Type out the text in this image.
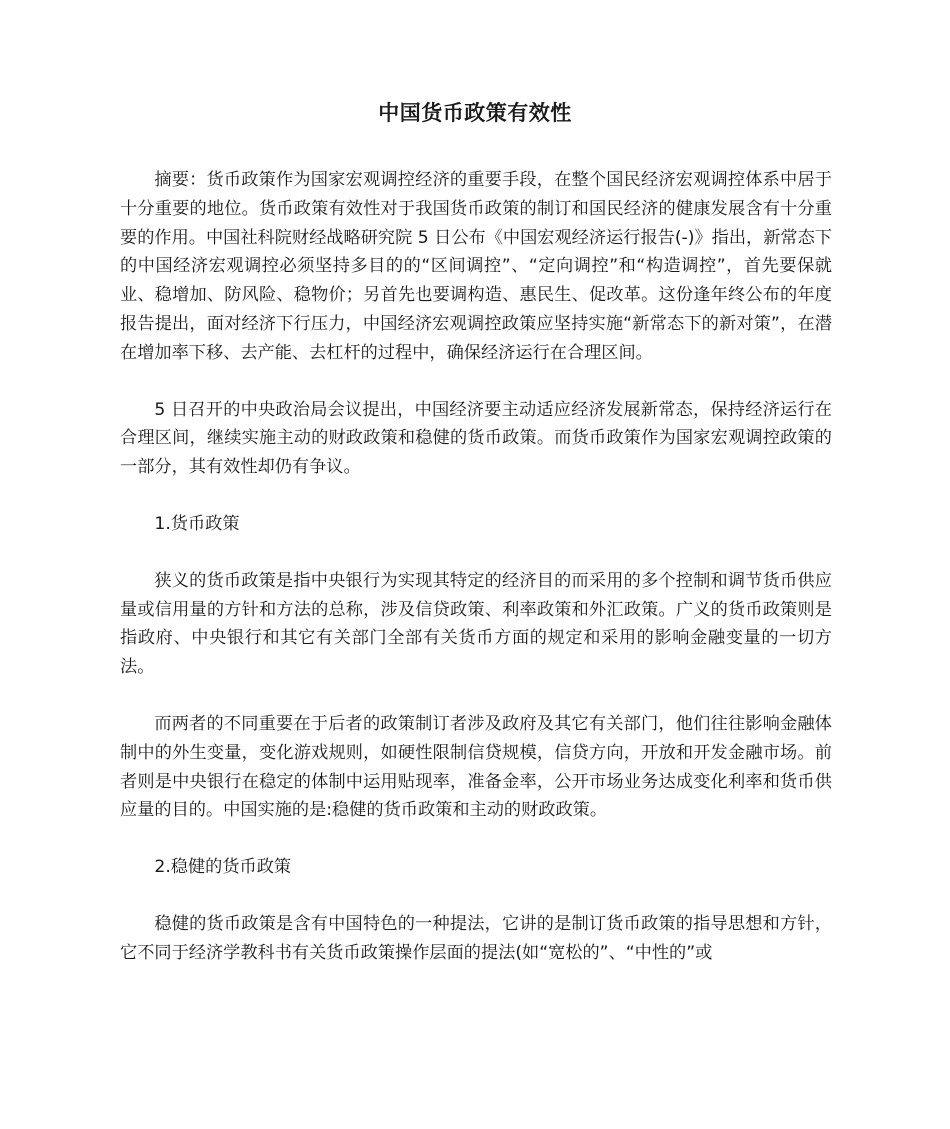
中国货币政策有效性

摘要：货币政策作为国家宏观调控经济的重要手段，在整个国民经济宏观调控体系中居于十分重要的地位。货币政策有效性对于我国货币政策的制订和国民经济的健康发展含有十分重要的作用。中国社科院财经战略研究院 5 日公布《中国宏观经济运行报告(-)》指出，新常态下的中国经济宏观调控必须坚持多目的的“区间调控”、“定向调控”和“构造调控”，首先要保就业、稳增加、防风险、稳物价；另首先也要调构造、惠民生、促改革。这份逢年终公布的年度报告提出，面对经济下行压力，中国经济宏观调控政策应坚持实施“新常态下的新对策”，在潜在增加率下移、去产能、去杠杆的过程中，确保经济运行在合理区间。

5 日召开的中央政治局会议提出，中国经济要主动适应经济发展新常态，保持经济运行在合理区间，继续实施主动的财政政策和稳健的货币政策。而货币政策作为国家宏观调控政策的一部分，其有效性却仍有争议。

1.货币政策

狭义的货币政策是指中央银行为实现其特定的经济目的而采用的多个控制和调节货币供应量或信用量的方针和方法的总称，涉及信贷政策、利率政策和外汇政策。广义的货币政策则是指政府、中央银行和其它有关部门全部有关货币方面的规定和采用的影响金融变量的一切方法。

而两者的不同重要在于后者的政策制订者涉及政府及其它有关部门，他们往往影响金融体制中的外生变量，变化游戏规则，如硬性限制信贷规模，信贷方向，开放和开发金融市场。前者则是中央银行在稳定的体制中运用贴现率，准备金率，公开市场业务达成变化利率和货币供应量的目的。中国实施的是:稳健的货币政策和主动的财政政策。

2.稳健的货币政策

稳健的货币政策是含有中国特色的一种提法，它讲的是制订货币政策的指导思想和方针，它不同于经济学教科书有关货币政策操作层面的提法(如“宽松的”、“中性的”或
